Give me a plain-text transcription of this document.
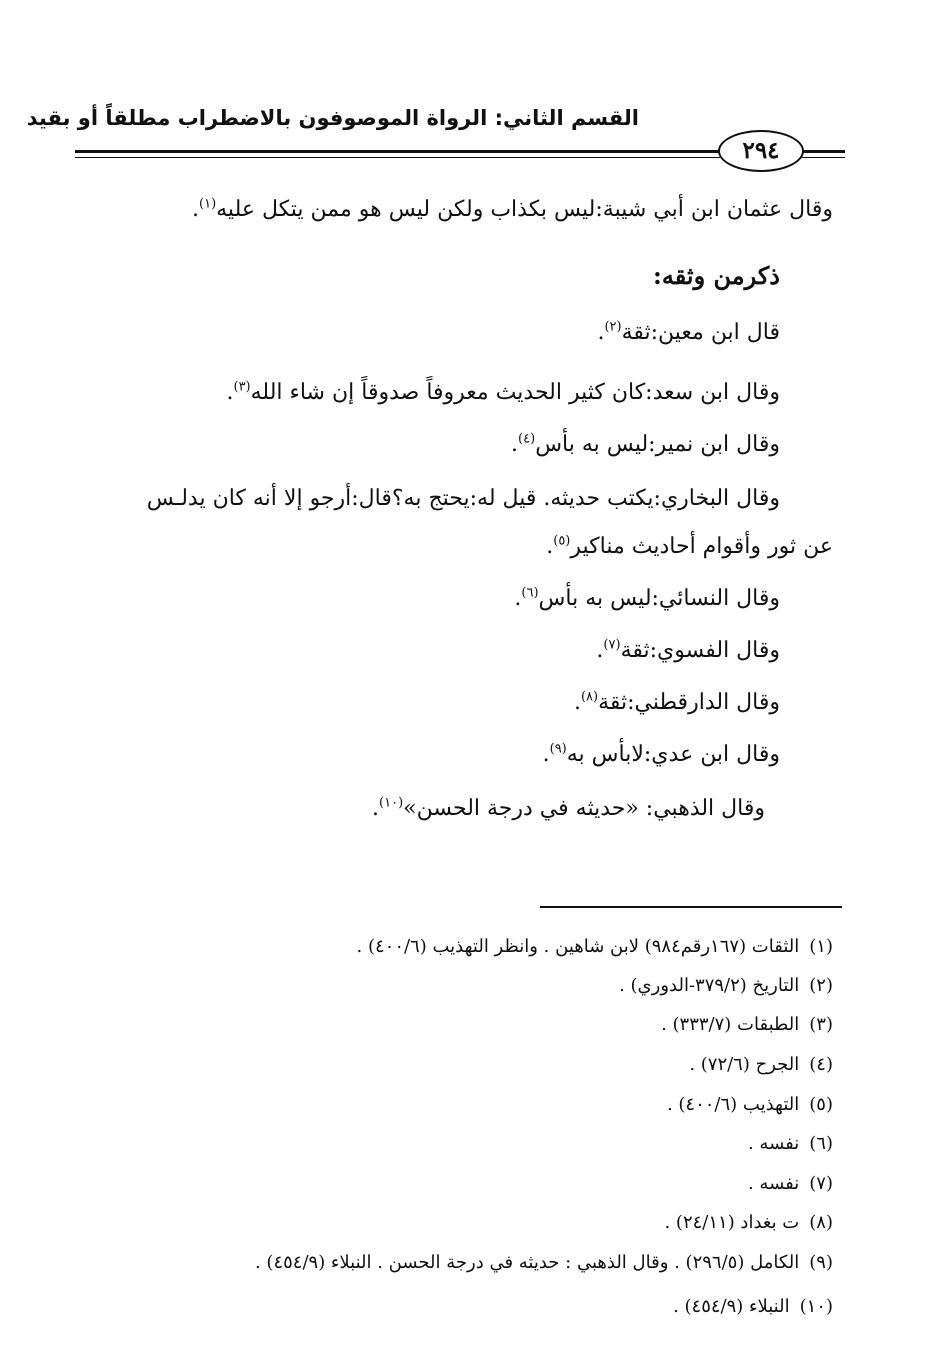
القسم الثاني: الرواة الموصوفون بالاضطراب مطلقاً أو بقيد
٢٩٤
وقال عثمان ابن أبي شيبة:ليس بكذاب ولكن ليس هو ممن يتكل عليه$^{(١)}$.
ذكرمن وثقه:
قال ابن معين:ثقة$^{(٢)}$.
وقال ابن سعد:كان كثير الحديث معروفاً صدوقاً إن شاء الله$^{(٣)}$.
وقال ابن نمير:ليس به بأس$^{(٤)}$.
وقال البخاري:يكتب حديثه. قيل له:يحتج به؟قال:أرجو إلا أنه كان يدلـس
عن ثور وأقوام أحاديث مناكير$^{(٥)}$.
وقال النسائي:ليس به بأس$^{(٦)}$.
وقال الفسوي:ثقة$^{(٧)}$.
وقال الدارقطني:ثقة$^{(٨)}$.
وقال ابن عدي:لابأس به$^{(٩)}$.
وقال الذهبي: «حديثه في درجة الحسن»$^{(١٠)}$.
(١)الثقات (١٦٧رقم٩٨٤) لابن شاهين . وانظر التهذيب (٤٠٠/٦) .
(٢)التاريخ (٣٧٩/٢-الدوري) .
(٣)الطبقات (٣٣٣/٧) .
(٤)الجرح (٧٢/٦) .
(٥)التهذيب (٤٠٠/٦) .
(٦)نفسه .
(٧)نفسه .
(٨)ت بغداد (٢٤/١١) .
(٩)الكامل (٢٩٦/٥) . وقال الذهبي : حديثه في درجة الحسن . النبلاء (٤٥٤/٩) .
(١٠)النبلاء (٤٥٤/٩) .
